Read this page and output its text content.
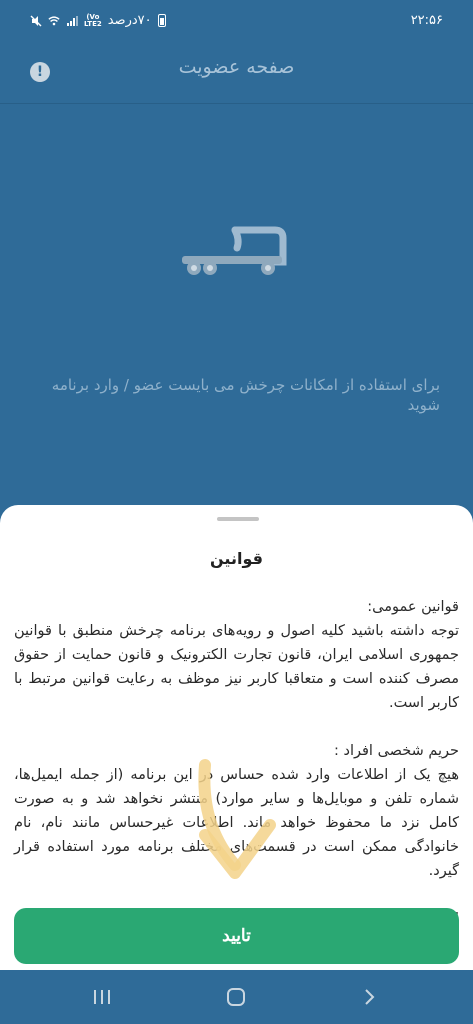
۷۰درصد
Vo)
LTE2	۲۲:۵۶
صفحه عضویت
!
برای استفاده از امکانات چرخش می بایست عضو / وارد برنامه شوید
قوانین
قوانین عمومی:
توجه داشته باشید کلیه اصول و رویه‌های برنامه چرخش منطبق با قوانین جمهوری اسلامی ایران، قانون تجارت الکترونیک و قانون حمایت از حقوق مصرف کننده است و متعاقبا کاربر نیز موظف به رعایت قوانین مرتبط با کاربر است.

حریم شخصی افراد :
هیچ یک از اطلاعات وارد شده حساس در این برنامه (از جمله ایمیل‌ها، شماره تلفن و موبایل‌ها و سایر موارد) منتشر نخواهد شد و به صورت کامل نزد ما محفوظ خواهد ماند. اطلاعات غیرحساس مانند نام، نام خانوادگی ممکن است در قسمت‌های مختلف برنامه مورد استفاده قرار گیرد.

تایید
